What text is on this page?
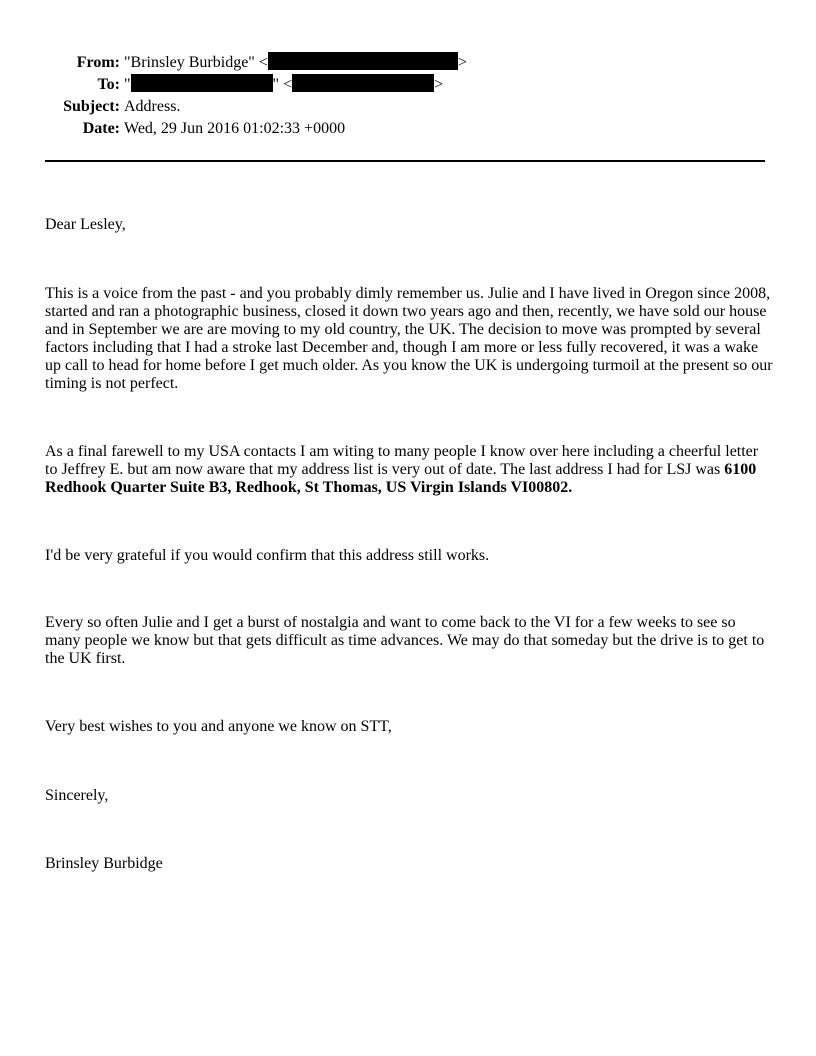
From: "Brinsley Burbidge" <	>
To: "	" <	>
Subject: Address.
Date: Wed, 29 Jun 2016 01:02:33 +0000

Dear Lesley,

This is a voice from the past - and you probably dimly remember us. Julie and I have lived in Oregon since 2008, started and ran a photographic business, closed it down two years ago and then, recently, we have sold our house and in September we are are moving to my old country, the UK. The decision to move was prompted by several factors including that I had a stroke last December and, though I am more or less fully recovered, it was a wake up call to head for home before I get much older. As you know the UK is undergoing turmoil at the present so our timing is not perfect.

As a final farewell to my USA contacts I am witing to many people I know over here including a cheerful letter to Jeffrey E. but am now aware that my address list is very out of date. The last address I had for LSJ was 6100 Redhook Quarter Suite B3, Redhook, St Thomas, US Virgin Islands VI00802.

I'd be very grateful if you would confirm that this address still works.

Every so often Julie and I get a burst of nostalgia and want to come back to the VI for a few weeks to see so many people we know but that gets difficult as time advances. We may do that someday but the drive is to get to the UK first.

Very best wishes to you and anyone we know on STT,

Sincerely,

Brinsley Burbidge
